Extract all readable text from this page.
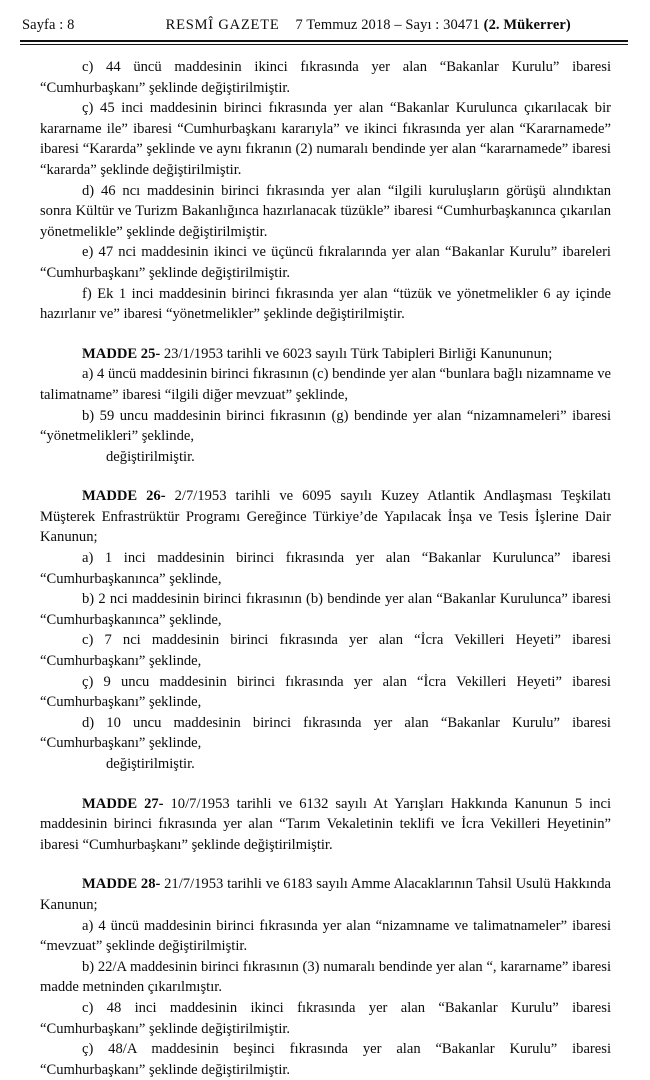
Sayfa : 8	RESMÎ GAZETE 7 Temmuz 2018 – Sayı : 30471 (2. Mükerrer)

c) 44 üncü maddesinin ikinci fıkrasında yer alan “Bakanlar Kurulu” ibaresi “Cumhurbaşkanı” şeklinde değiştirilmiştir.

ç) 45 inci maddesinin birinci fıkrasında yer alan “Bakanlar Kurulunca çıkarılacak bir kararname ile” ibaresi “Cumhurbaşkanı kararıyla” ve ikinci fıkrasında yer alan “Kararnamede” ibaresi “Kararda” şeklinde ve aynı fıkranın (2) numaralı bendinde yer alan “kararnamede” ibaresi “kararda” şeklinde değiştirilmiştir.

d) 46 ncı maddesinin birinci fıkrasında yer alan “ilgili kuruluşların görüşü alındıktan sonra Kültür ve Turizm Bakanlığınca hazırlanacak tüzükle” ibaresi “Cumhurbaşkanınca çıkarılan yönetmelikle” şeklinde değiştirilmiştir.

e) 47 nci maddesinin ikinci ve üçüncü fıkralarında yer alan “Bakanlar Kurulu” ibareleri “Cumhurbaşkanı” şeklinde değiştirilmiştir.

f) Ek 1 inci maddesinin birinci fıkrasında yer alan “tüzük ve yönetmelikler 6 ay içinde hazırlanır ve” ibaresi “yönetmelikler” şeklinde değiştirilmiştir.

MADDE 25- 23/1/1953 tarihli ve 6023 sayılı Türk Tabipleri Birliği Kanununun;

a) 4 üncü maddesinin birinci fıkrasının (c) bendinde yer alan “bunlara bağlı nizamname ve talimatname” ibaresi “ilgili diğer mevzuat” şeklinde,

b) 59 uncu maddesinin birinci fıkrasının (g) bendinde yer alan “nizamnameleri” ibaresi “yönetmelikleri” şeklinde,

değiştirilmiştir.

MADDE 26- 2/7/1953 tarihli ve 6095 sayılı Kuzey Atlantik Andlaşması Teşkilatı Müşterek Enfrastrüktür Programı Gereğince Türkiye’de Yapılacak İnşa ve Tesis İşlerine Dair Kanunun;

a) 1 inci maddesinin birinci fıkrasında yer alan “Bakanlar Kurulunca” ibaresi “Cumhurbaşkanınca” şeklinde,

b) 2 nci maddesinin birinci fıkrasının (b) bendinde yer alan “Bakanlar Kurulunca” ibaresi “Cumhurbaşkanınca” şeklinde,

c) 7 nci maddesinin birinci fıkrasında yer alan “İcra Vekilleri Heyeti” ibaresi “Cumhurbaşkanı” şeklinde,

ç) 9 uncu maddesinin birinci fıkrasında yer alan “İcra Vekilleri Heyeti” ibaresi “Cumhurbaşkanı” şeklinde,

d) 10 uncu maddesinin birinci fıkrasında yer alan “Bakanlar Kurulu” ibaresi “Cumhurbaşkanı” şeklinde,

değiştirilmiştir.

MADDE 27- 10/7/1953 tarihli ve 6132 sayılı At Yarışları Hakkında Kanunun 5 inci maddesinin birinci fıkrasında yer alan “Tarım Vekaletinin teklifi ve İcra Vekilleri Heyetinin” ibaresi “Cumhurbaşkanı” şeklinde değiştirilmiştir.

MADDE 28- 21/7/1953 tarihli ve 6183 sayılı Amme Alacaklarının Tahsil Usulü Hakkında Kanunun;

a) 4 üncü maddesinin birinci fıkrasında yer alan “nizamname ve talimatnameler” ibaresi “mevzuat” şeklinde değiştirilmiştir.

b) 22/A maddesinin birinci fıkrasının (3) numaralı bendinde yer alan “, kararname” ibaresi madde metninden çıkarılmıştır.

c) 48 inci maddesinin ikinci fıkrasında yer alan “Bakanlar Kurulu” ibaresi “Cumhurbaşkanı” şeklinde değiştirilmiştir.

ç) 48/A maddesinin beşinci fıkrasında yer alan “Bakanlar Kurulu” ibaresi “Cumhurbaşkanı” şeklinde değiştirilmiştir.
